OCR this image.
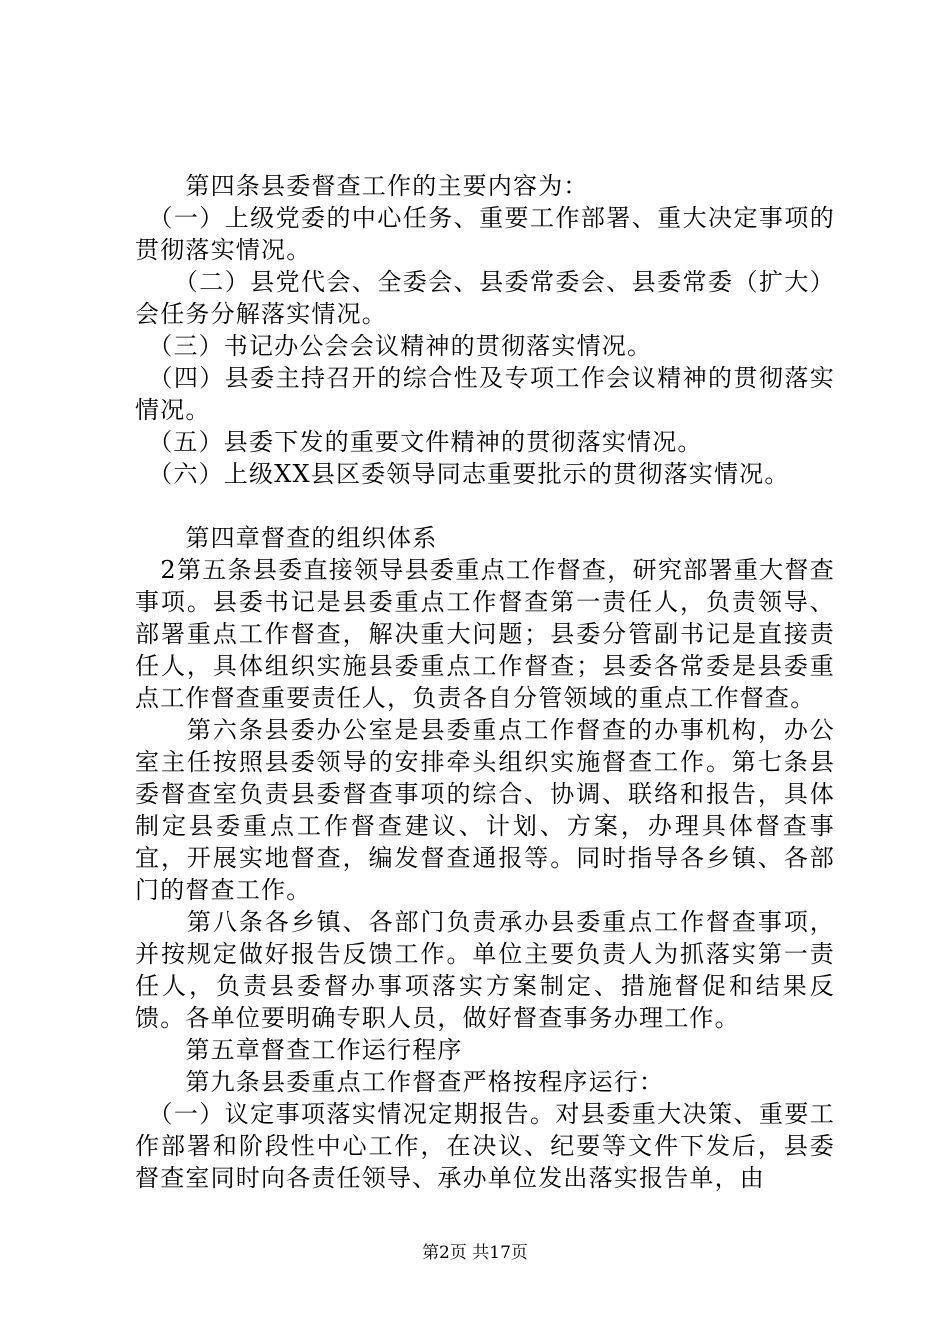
　　第四条县委督查工作的主要内容为：

　（一）上级党委的中心任务、重要工作部署、重大决定事项的贯彻落实情况。

　　（二）县党代会、全委会、县委常委会、县委常委（扩大）会任务分解落实情况。

　（三）书记办公会会议精神的贯彻落实情况。

　（四）县委主持召开的综合性及专项工作会议精神的贯彻落实情况。

　（五）县委下发的重要文件精神的贯彻落实情况。

　（六）上级XX县区委领导同志重要批示的贯彻落实情况。

　　第四章督查的组织体系

　2第五条县委直接领导县委重点工作督查，研究部署重大督查事项。县委书记是县委重点工作督查第一责任人，负责领导、部署重点工作督查，解决重大问题；县委分管副书记是直接责任人，具体组织实施县委重点工作督查；县委各常委是县委重点工作督查重要责任人，负责各自分管领域的重点工作督查。

　　第六条县委办公室是县委重点工作督查的办事机构，办公室主任按照县委领导的安排牵头组织实施督查工作。第七条县委督查室负责县委督查事项的综合、协调、联络和报告，具体制定县委重点工作督查建议、计划、方案，办理具体督查事宜，开展实地督查，编发督查通报等。同时指导各乡镇、各部门的督查工作。

　　第八条各乡镇、各部门负责承办县委重点工作督查事项，并按规定做好报告反馈工作。单位主要负责人为抓落实第一责任人，负责县委督办事项落实方案制定、措施督促和结果反馈。各单位要明确专职人员，做好督查事务办理工作。

　　第五章督查工作运行程序

　　第九条县委重点工作督查严格按程序运行：

　（一）议定事项落实情况定期报告。对县委重大决策、重要工作部署和阶段性中心工作，在决议、纪要等文件下发后，县委督查室同时向各责任领导、承办单位发出落实报告单，由

第2页 共17页
